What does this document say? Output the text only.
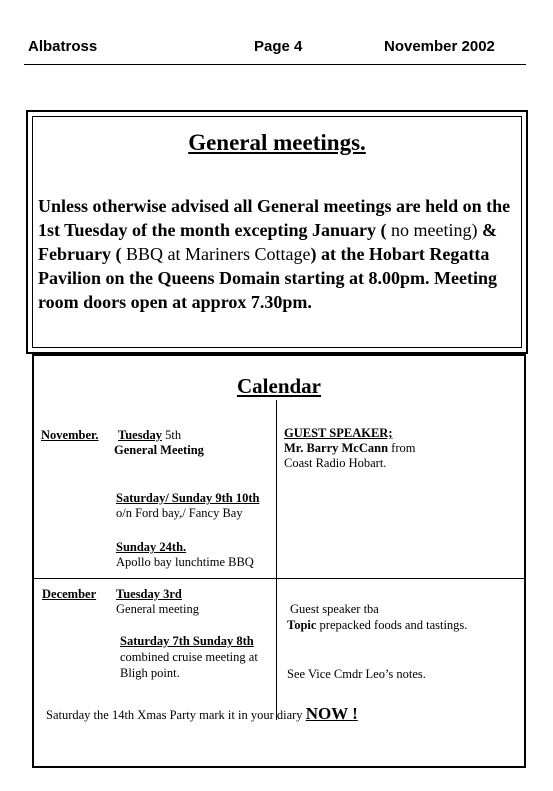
Albatross	Page 4	November 2002
General meetings.
Unless otherwise advised all General meetings are held on the 1st Tuesday of the month excepting January ( no meeting) & February ( BBQ at Mariners Cottage) at the Hobart Regatta Pavilion on the Queens Domain starting at 8.00pm. Meeting room doors open at approx 7.30pm.
Calendar
November. Tuesday 5th
General Meeting
Saturday/ Sunday 9th 10th
o/n Ford bay,/ Fancy Bay
Sunday 24th.
Apollo bay lunchtime BBQ
GUEST SPEAKER;
Mr. Barry McCann from
Coast Radio Hobart.
December Tuesday 3rd
General meeting
Saturday 7th Sunday 8th
combined cruise meeting at
Bligh point.
Guest speaker tba
Topic prepacked foods and tastings.
See Vice Cmdr Leo’s notes.
Saturday the 14th Xmas Party mark it in your diary NOW !
